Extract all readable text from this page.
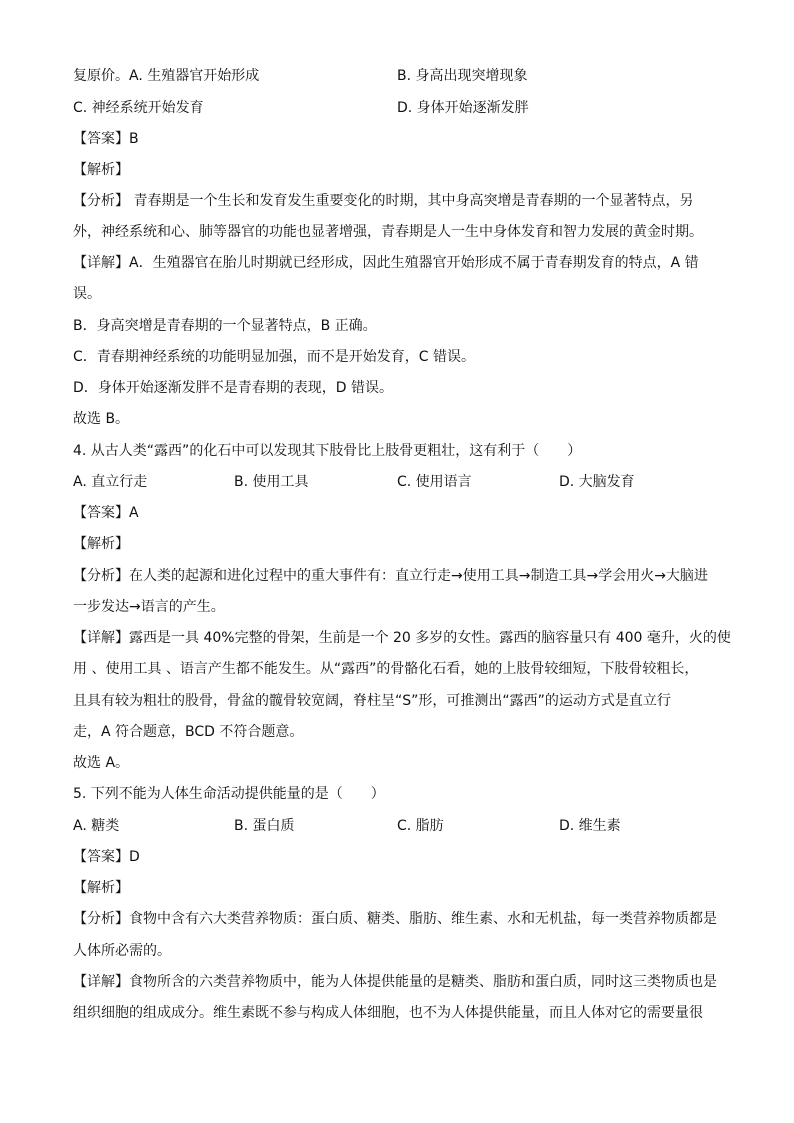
复原价。A. 生殖器官开始形成	B. 身高出现突增现象
C. 神经系统开始发育	D. 身体开始逐渐发胖
【答案】B
【解析】
【分析】 青春期是一个生长和发育发生重要变化的时期，其中身高突增是青春期的一个显著特点，另
外，神经系统和心、肺等器官的功能也显著增强，青春期是人一生中身体发育和智力发展的黄金时期。
【详解】A．生殖器官在胎儿时期就已经形成，因此生殖器官开始形成不属于青春期发育的特点，A 错
误。
B．身高突增是青春期的一个显著特点，B 正确。
C．青春期神经系统的功能明显加强，而不是开始发育，C 错误。
D．身体开始逐渐发胖不是青春期的表现，D 错误。
故选 B。
4. 从古人类“露西”的化石中可以发现其下肢骨比上肢骨更粗壮，这有利于（　　）
A. 直立行走	B. 使用工具	C. 使用语言	D. 大脑发育
【答案】A
【解析】
【分析】在人类的起源和进化过程中的重大事件有：直立行走→使用工具→制造工具→学会用火→大脑进
一步发达→语言的产生。
【详解】露西是一具 40%完整的骨架，生前是一个 20 多岁的女性。露西的脑容量只有 400 毫升，火的使
用 、使用工具 、语言产生都不能发生。从“露西”的骨骼化石看，她的上肢骨较细短，下肢骨较粗长，
且具有较为粗壮的股骨，骨盆的髋骨较宽阔，脊柱呈“S”形，可推测出“露西”的运动方式是直立行
走，A 符合题意，BCD 不符合题意。
故选 A。
5. 下列不能为人体生命活动提供能量的是（　　）
A. 糖类	B. 蛋白质	C. 脂肪	D. 维生素
【答案】D
【解析】
【分析】食物中含有六大类营养物质：蛋白质、糖类、脂肪、维生素、水和无机盐，每一类营养物质都是
人体所必需的。
【详解】食物所含的六类营养物质中，能为人体提供能量的是糖类、脂肪和蛋白质，同时这三类物质也是
组织细胞的组成成分。维生素既不参与构成人体细胞，也不为人体提供能量，而且人体对它的需要量很
